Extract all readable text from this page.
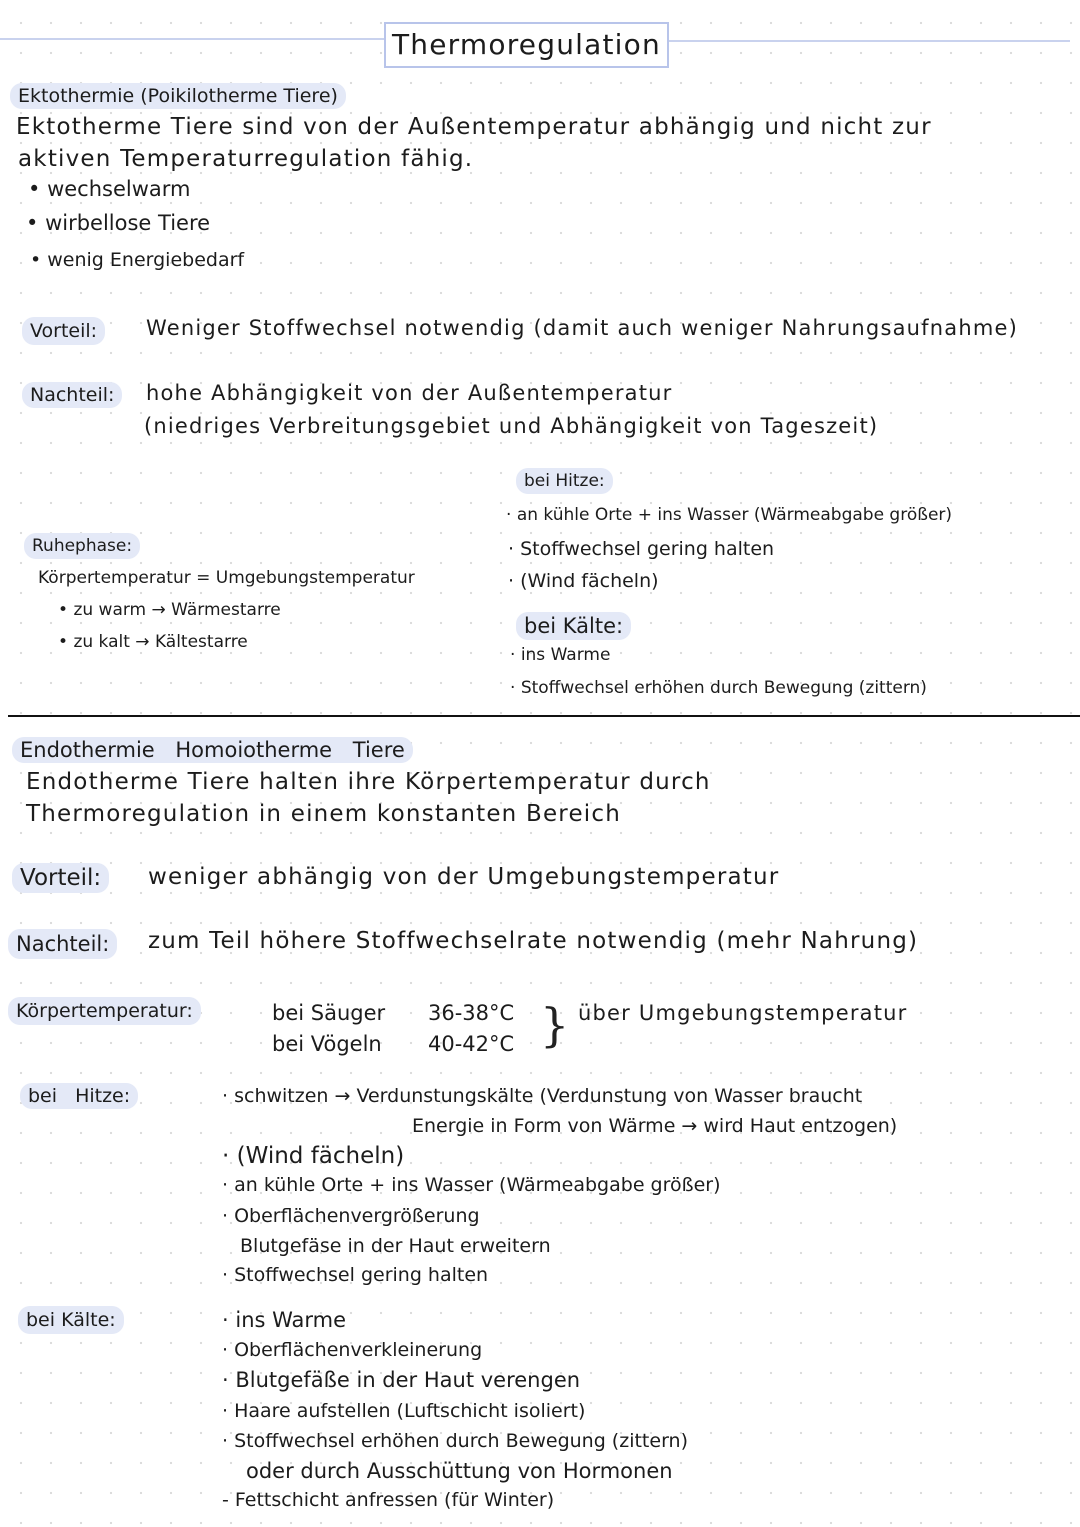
Thermoregulation
Ektothermie (Poikilotherme Tiere)
Ektotherme Tiere sind von der Außentemperatur abhängig und nicht zur
aktiven Temperaturregulation fähig.
• wechselwarm
• wirbellose Tiere
• wenig Energiebedarf
Vorteil:	Weniger Stoffwechsel notwendig (damit auch weniger Nahrungsaufnahme)
Nachteil:	hohe Abhängigkeit von der Außentemperatur
(niedriges Verbreitungsgebiet und Abhängigkeit von Tageszeit)
Ruhephase:
Körpertemperatur = Umgebungstemperatur
• zu warm → Wärmestarre
• zu kalt → Kältestarre
bei Hitze:
· an kühle Orte + ins Wasser (Wärmeabgabe größer)
· Stoffwechsel gering halten
· (Wind fächeln)
bei Kälte:
· ins Warme
· Stoffwechsel erhöhen durch Bewegung (zittern)
Endothermie Homoiotherme Tiere
Endotherme Tiere halten ihre Körpertemperatur durch
Thermoregulation in einem konstanten Bereich
Vorteil:	weniger abhängig von der Umgebungstemperatur
Nachteil:	zum Teil höhere Stoffwechselrate notwendig (mehr Nahrung)
Körpertemperatur:	bei Säuger 36-38°C
bei Vögeln 40-42°C } über Umgebungstemperatur
bei Hitze:	· schwitzen → Verdunstungskälte (Verdunstung von Wasser braucht
Energie in Form von Wärme → wird Haut entzogen)
· (Wind fächeln)
· an kühle Orte + ins Wasser (Wärmeabgabe größer)
· Oberflächenvergrößerung
Blutgefäse in der Haut erweitern
· Stoffwechsel gering halten
bei Kälte:	· ins Warme
· Oberflächenverkleinerung
· Blutgefäße in der Haut verengen
· Haare aufstellen (Luftschicht isoliert)
· Stoffwechsel erhöhen durch Bewegung (zittern)
oder durch Ausschüttung von Hormonen
- Fettschicht anfressen (für Winter)
